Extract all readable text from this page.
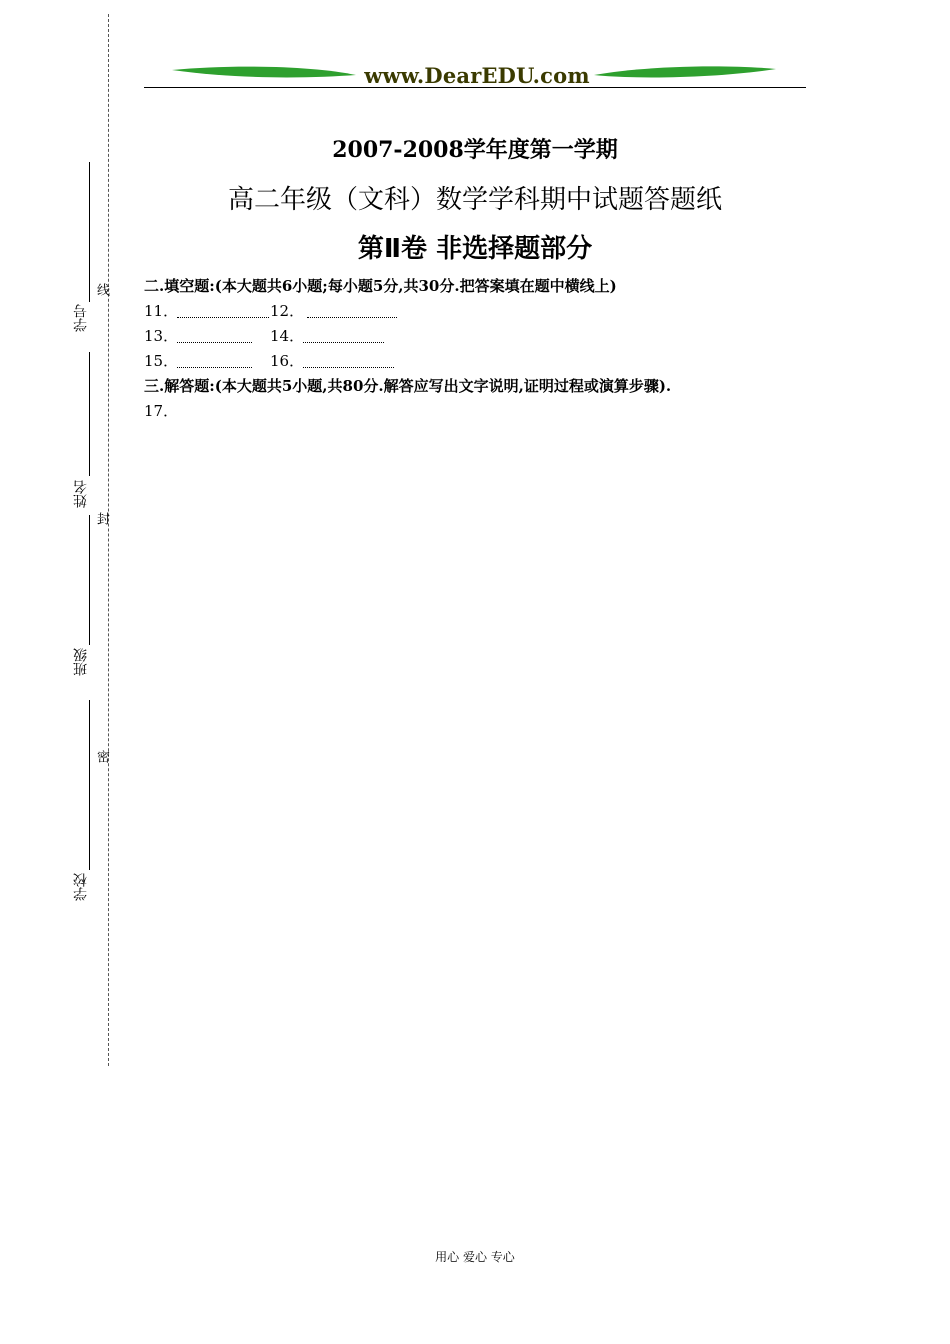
学号
姓名
班级
学校
线
封
密
www.DearEDU.com
2007-2008学年度第一学期
高二年级（文科）数学学科期中试题答题纸
第Ⅱ卷 非选择题部分
二.填空题:(本大题共6小题;每小题5分,共30分.把答案填在题中横线上)
11．	12．
13．	14．
15．	16．
三.解答题:(本大题共5小题,共80分.解答应写出文字说明,证明过程或演算步骤).
17．
用心 爱心 专心
